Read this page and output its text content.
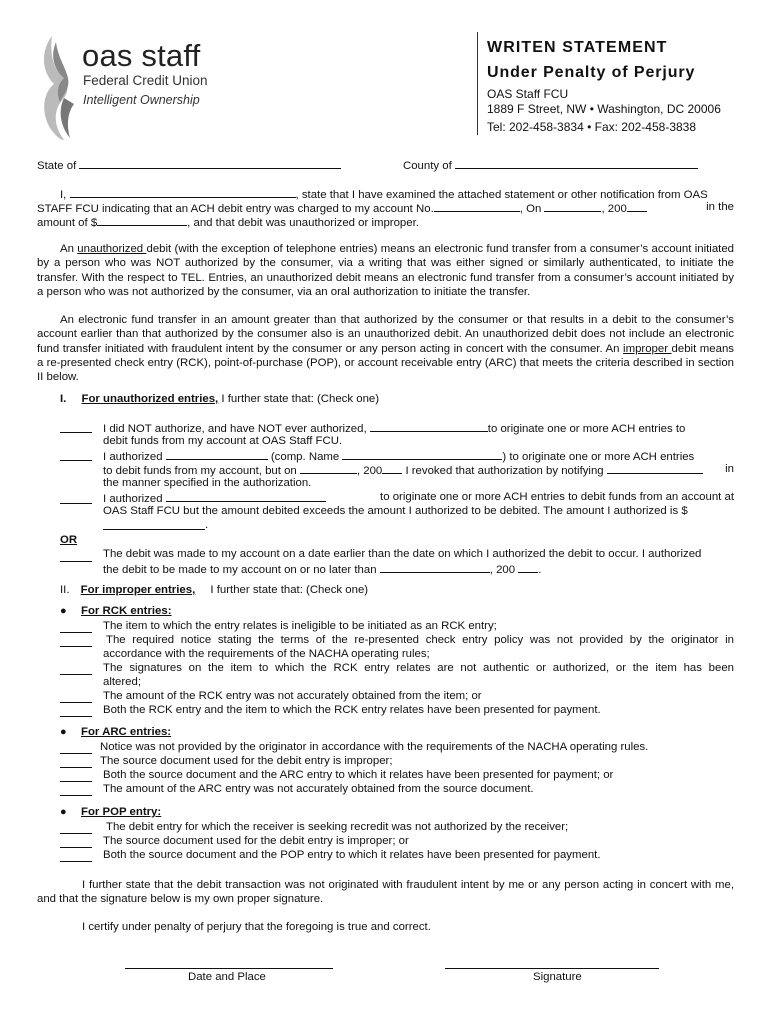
oas staff
Federal Credit Union
Intelligent Ownership
WRITEN STATEMENT
Under Penalty of Perjury
OAS Staff FCU
1889 F Street, NW • Washington, DC 20006
Tel: 202-458-3834 • Fax: 202-458-3838
State of	County of
I,	, state that I have examined the attached statement or other notification from OAS
STAFF FCU indicating that an ACH debit entry was charged to my account No.	, On	, 200	in the
amount of $	, and that debit was unauthorized or improper.
An unauthorized debit (with the exception of telephone entries) means an electronic fund transfer from a consumer’s account initiated by a person who was NOT authorized by the consumer, via a writing that was either signed or similarly authenticated, to initiate the transfer. With the respect to TEL. Entries, an unauthorized debit means an electronic fund transfer from a consumer’s account initiated by a person who was not authorized by the consumer, via an oral authorization to initiate the transfer.
An electronic fund transfer in an amount greater than that authorized by the consumer or that results in a debit to the consumer’s account earlier than that authorized by the consumer also is an unauthorized debit. An unauthorized debit does not include an electronic fund transfer initiated with fraudulent intent by the consumer or any person acting in concert with the consumer. An improper debit means a re-presented check entry (RCK), point-of-purchase (POP), or account receivable entry (ARC) that meets the criteria described in section II below.
I. For unauthorized entries, I further state that: (Check one)
I did NOT authorize, and have NOT ever authorized,	to originate one or more ACH entries to
debit funds from my account at OAS Staff FCU.
I authorized	(comp. Name	) to originate one or more ACH entries
to debit funds from my account, but on	, 200 I revoked that authorization by notifying	in
the manner specified in the authorization.
I authorized	to originate one or more ACH entries to debit funds from an account at
OAS Staff FCU but the amount debited exceeds the amount I authorized to be debited. The amount I authorized is $
.
OR
The debit was made to my account on a date earlier than the date on which I authorized the debit to occur. I authorized
the debit to be made to my account on or no later than	, 200 .
II. For improper entries, I further state that: (Check one)
● For RCK entries:
The item to which the entry relates is ineligible to be initiated as an RCK entry;
The required notice stating the terms of the re-presented check entry policy was not provided by the originator in
accordance with the requirements of the NACHA operating rules;
The signatures on the item to which the RCK entry relates are not authentic or authorized, or the item has been
altered;
The amount of the RCK entry was not accurately obtained from the item; or
Both the RCK entry and the item to which the RCK entry relates have been presented for payment.
● For ARC entries:
Notice was not provided by the originator in accordance with the requirements of the NACHA operating rules.
The source document used for the debit entry is improper;
Both the source document and the ARC entry to which it relates have been presented for payment; or
The amount of the ARC entry was not accurately obtained from the source document.
● For POP entry:
The debit entry for which the receiver is seeking recredit was not authorized by the receiver;
The source document used for the debit entry is improper; or
Both the source document and the POP entry to which it relates have been presented for payment.
I further state that the debit transaction was not originated with fraudulent intent by me or any person acting in concert with me, and that the signature below is my own proper signature.
I certify under penalty of perjury that the foregoing is true and correct.
Date and Place	Signature
